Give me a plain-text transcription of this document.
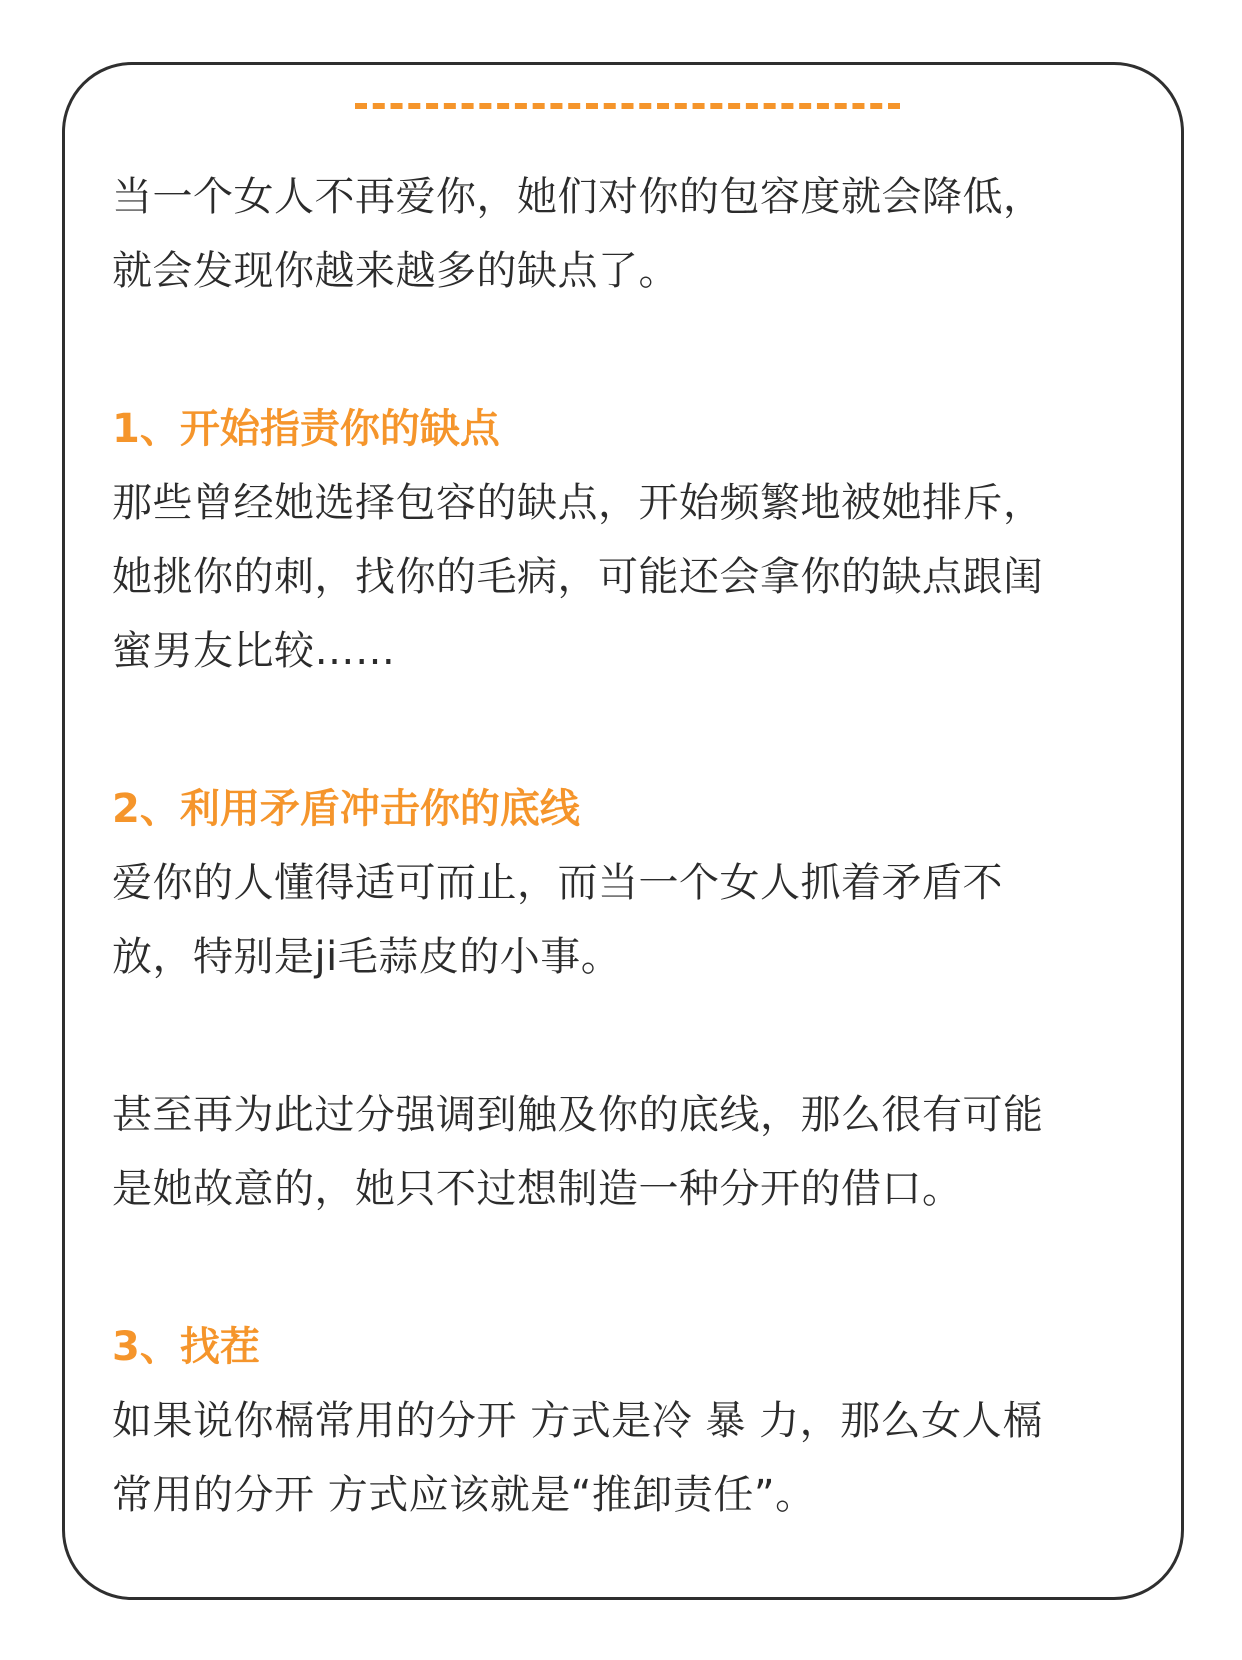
当一个女人不再爱你，她们对你的包容度就会降低，

就会发现你越来越多的缺点了。

1、开始指责你的缺点

那些曾经她选择包容的缺点，开始频繁地被她排斥，

她挑你的刺，找你的毛病，可能还会拿你的缺点跟闺

蜜男友比较……

2、利用矛盾冲击你的底线

爱你的人懂得适可而止，而当一个女人抓着矛盾不

放，特别是ji毛蒜皮的小事。

甚至再为此过分强调到触及你的底线，那么很有可能

是她故意的，她只不过想制造一种分开的借口。

3、找茬

如果说你槅常用的分开 方式是冷 暴 力，那么女人槅

常用的分开 方式应该就是“推卸责任”。
